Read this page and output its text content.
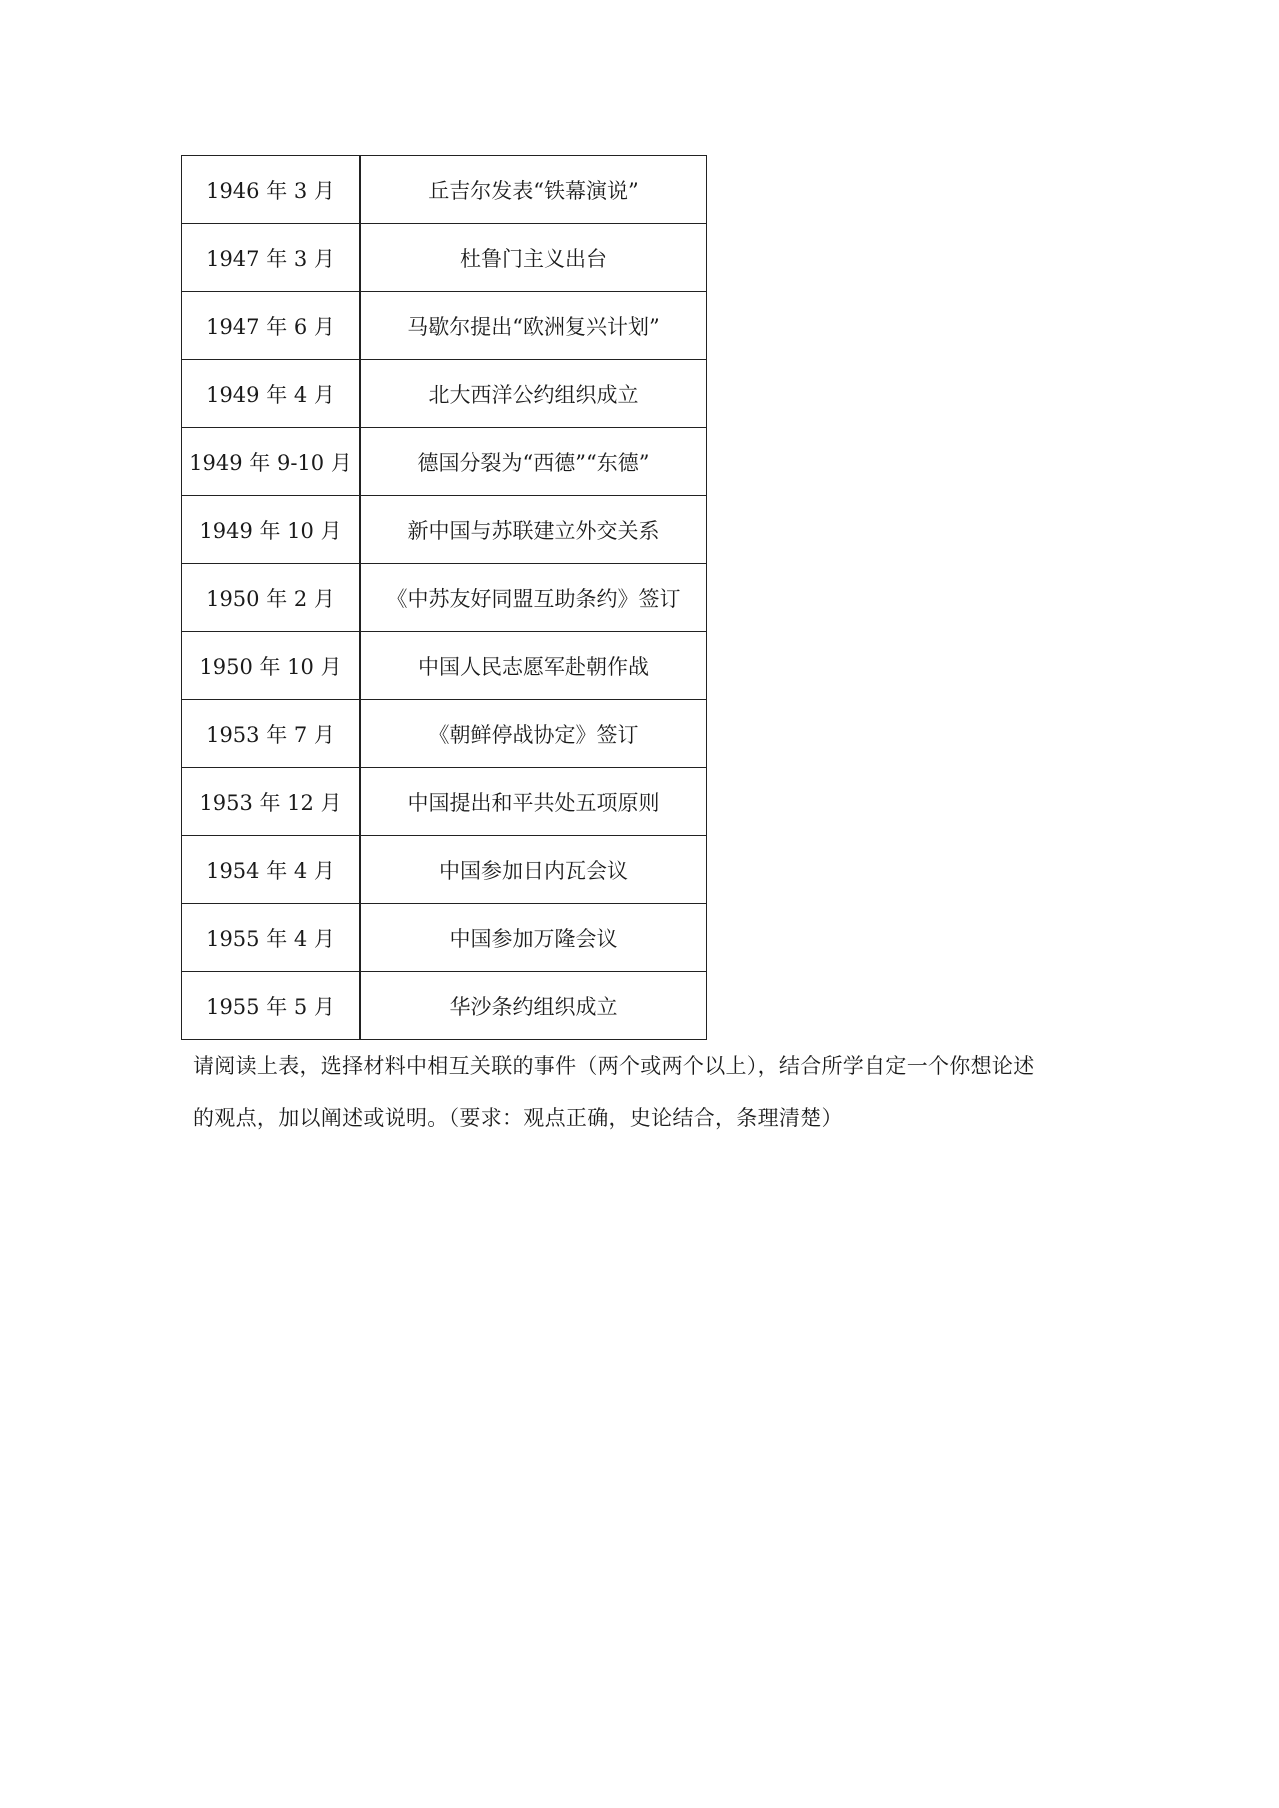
1946 年 3 月	丘吉尔发表“铁幕演说”
1947 年 3 月	杜鲁门主义出台
1947 年 6 月	马歇尔提出“欧洲复兴计划”
1949 年 4 月	北大西洋公约组织成立
1949 年 9-10 月	德国分裂为“西德”“东德”
1949 年 10 月	新中国与苏联建立外交关系
1950 年 2 月	《中苏友好同盟互助条约》签订
1950 年 10 月	中国人民志愿军赴朝作战
1953 年 7 月	《朝鲜停战协定》签订
1953 年 12 月	中国提出和平共处五项原则
1954 年 4 月	中国参加日内瓦会议
1955 年 4 月	中国参加万隆会议
1955 年 5 月	华沙条约组织成立
请阅读上表，选择材料中相互关联的事件（两个或两个以上），结合所学自定一个你想论述
的观点，加以阐述或说明。（要求：观点正确，史论结合，条理清楚）
